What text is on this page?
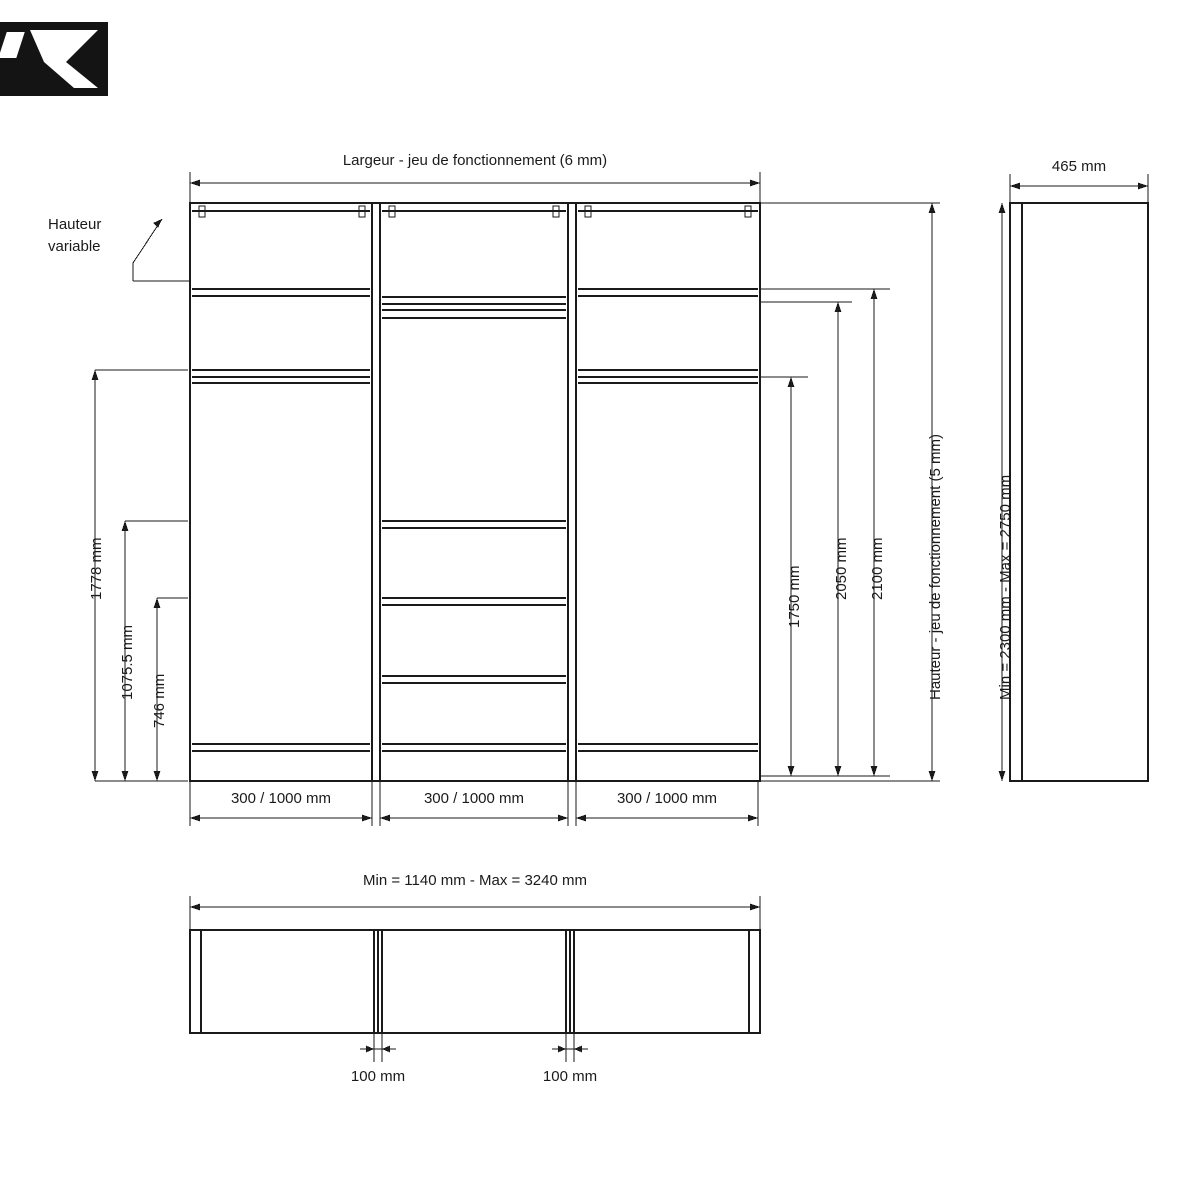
Largeur - jeu de fonctionnement (6 mm)
Hauteur
variable
1778 mm
1075.5 mm
746 mm
1750 mm 2050 mm 2100 mm	Hauteur - jeu de fonctionnement (5 mm)
300 / 1000 mm	300 / 1000 mm	300 / 1000 mm
465 mm
Min = 2300 mm - Max = 2750 mm
Min = 1140 mm - Max = 3240 mm
100 mm	100 mm
